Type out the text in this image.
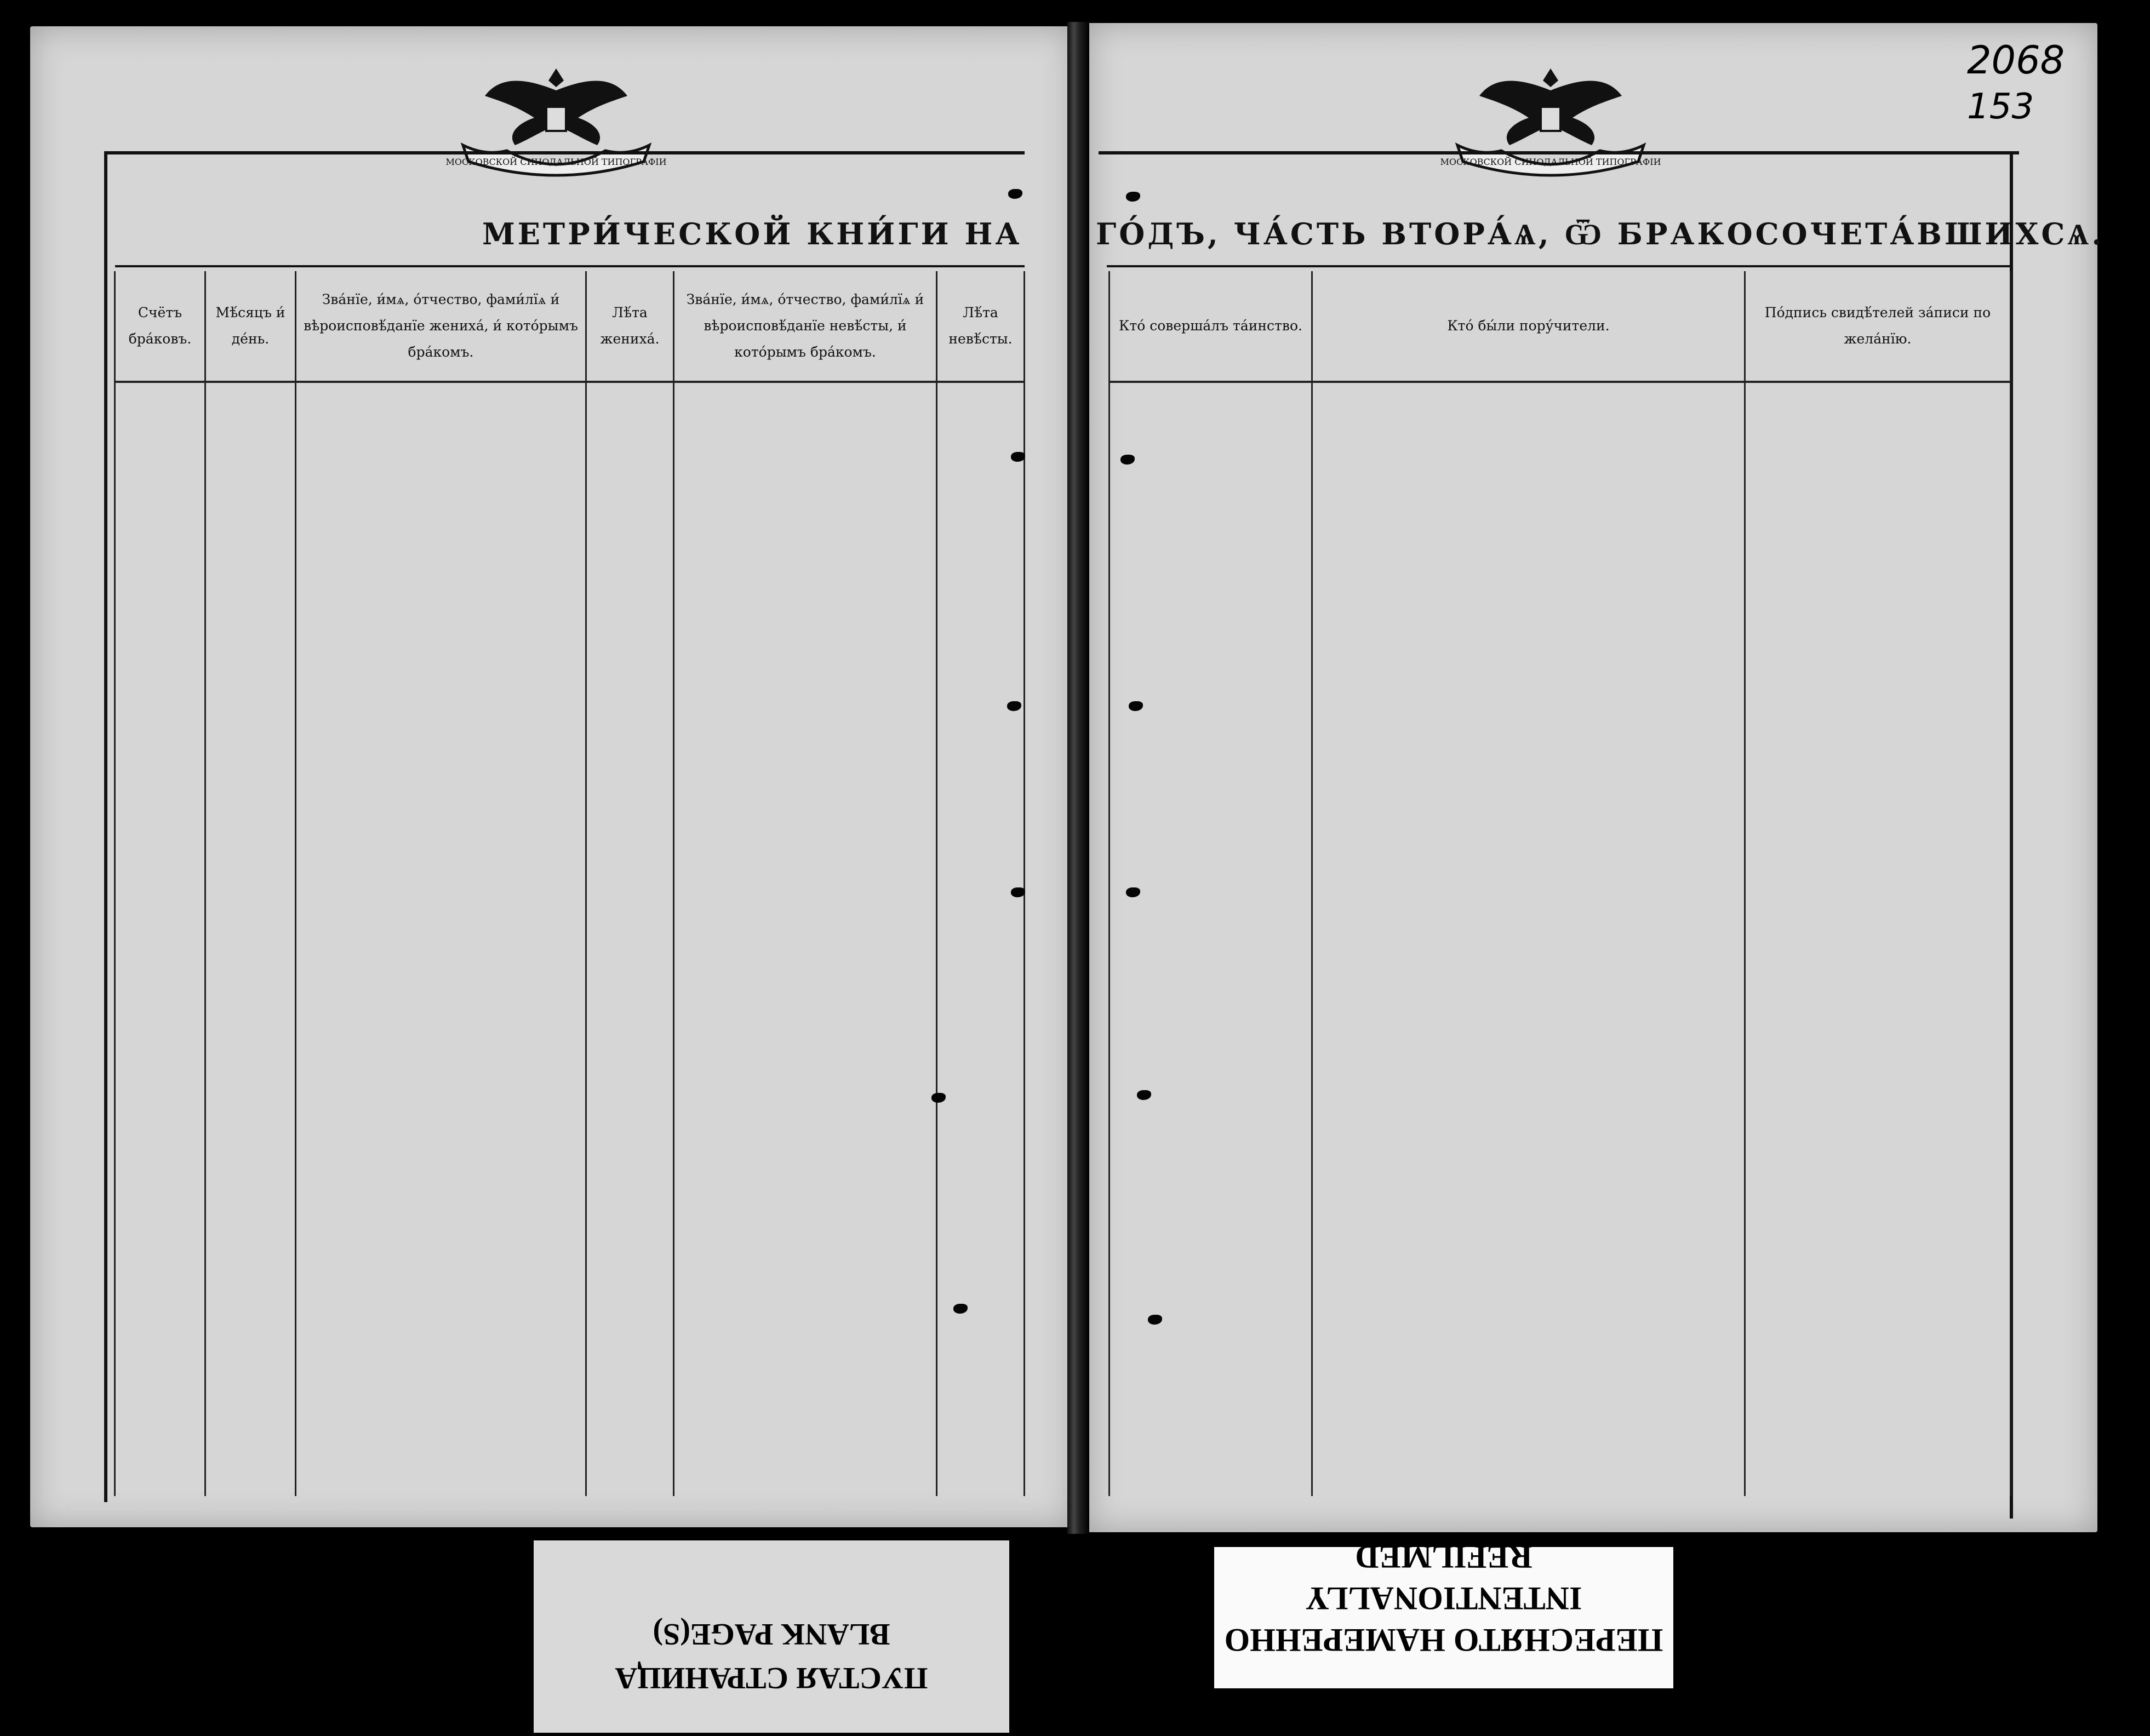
МОСКОВСКОЙ СИНОДАЛЬНОЙ ТИПОГРАФІИ	МОСКОВСКОЙ СИНОДАЛЬНОЙ ТИПОГРАФІИ
МЕТРИ́ЧЕСКОЙ КНИ́ГИ НА ГО́ДЪ, ЧА́СТЬ ВТОРА́Ѧ, Ѿ БРАКОСОЧЕТА́ВШИХСѦ.
Счётъ бра́ковъ.	Мѣ́сяцъ и́ де́нь.	Зва́нїе, и́мѧ, о́тчество, фами́лїѧ и́ вѣроисповѣ́данїе жениха́, и́ кото́рымъ бра́комъ.	Лѣ́та жениха́.	Зва́нїе, и́мѧ, о́тчество, фами́лїѧ и́ вѣроисповѣ́данїе невѣ́сты, и́ кото́рымъ бра́комъ.	Лѣ́та невѣ́сты.

Кто́ соверша́лъ та́инство.	Кто́ бы́ли пору́чители.	По́дпись свидѣ́телей за́писи по жела́нїю.

2068
153
ПУСТАЯ СТРАНИЦА
BLANK PAGE(S)	ПЕРЕСНЯТО НАМЕРЕННО
INTENTIONALLY REFILMED
